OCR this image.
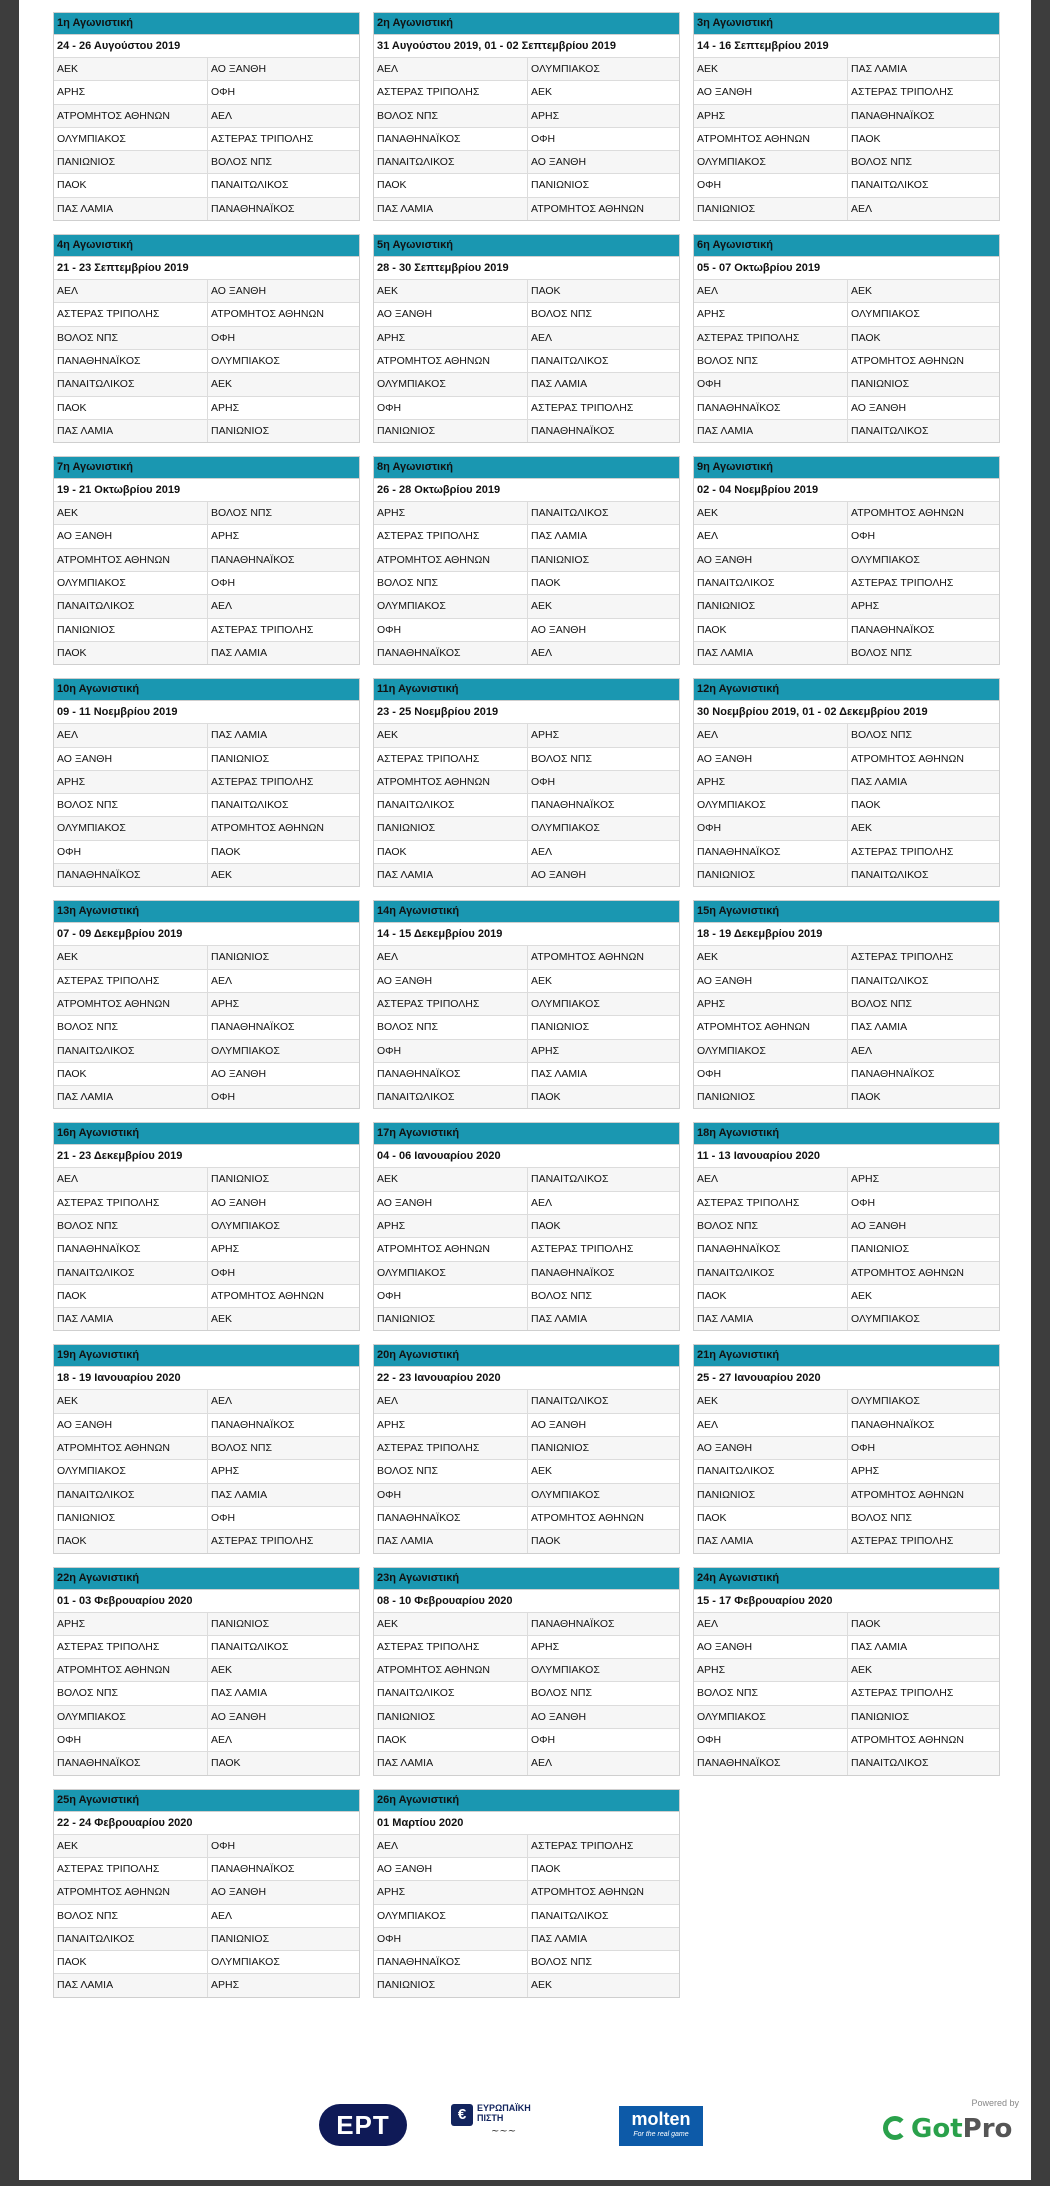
1η Αγωνιστική
24 - 26 Αυγούστου 2019
ΑΕΚ	ΑΟ ΞΑΝΘΗ
ΑΡΗΣ	ΟΦΗ
ΑΤΡΟΜΗΤΟΣ ΑΘΗΝΩΝ	ΑΕΛ
ΟΛΥΜΠΙΑΚΟΣ	ΑΣΤΕΡΑΣ ΤΡΙΠΟΛΗΣ
ΠΑΝΙΩΝΙΟΣ	ΒΟΛΟΣ ΝΠΣ
ΠΑΟΚ	ΠΑΝΑΙΤΩΛΙΚΟΣ
ΠΑΣ ΛΑΜΙΑ	ΠΑΝΑΘΗΝΑΪΚΟΣ
2η Αγωνιστική
31 Αυγούστου 2019, 01 - 02 Σεπτεμβρίου 2019
ΑΕΛ	ΟΛΥΜΠΙΑΚΟΣ
ΑΣΤΕΡΑΣ ΤΡΙΠΟΛΗΣ	ΑΕΚ
ΒΟΛΟΣ ΝΠΣ	ΑΡΗΣ
ΠΑΝΑΘΗΝΑΪΚΟΣ	ΟΦΗ
ΠΑΝΑΙΤΩΛΙΚΟΣ	ΑΟ ΞΑΝΘΗ
ΠΑΟΚ	ΠΑΝΙΩΝΙΟΣ
ΠΑΣ ΛΑΜΙΑ	ΑΤΡΟΜΗΤΟΣ ΑΘΗΝΩΝ
3η Αγωνιστική
14 - 16 Σεπτεμβρίου 2019
ΑΕΚ	ΠΑΣ ΛΑΜΙΑ
ΑΟ ΞΑΝΘΗ	ΑΣΤΕΡΑΣ ΤΡΙΠΟΛΗΣ
ΑΡΗΣ	ΠΑΝΑΘΗΝΑΪΚΟΣ
ΑΤΡΟΜΗΤΟΣ ΑΘΗΝΩΝ	ΠΑΟΚ
ΟΛΥΜΠΙΑΚΟΣ	ΒΟΛΟΣ ΝΠΣ
ΟΦΗ	ΠΑΝΑΙΤΩΛΙΚΟΣ
ΠΑΝΙΩΝΙΟΣ	ΑΕΛ
4η Αγωνιστική
21 - 23 Σεπτεμβρίου 2019
ΑΕΛ	ΑΟ ΞΑΝΘΗ
ΑΣΤΕΡΑΣ ΤΡΙΠΟΛΗΣ	ΑΤΡΟΜΗΤΟΣ ΑΘΗΝΩΝ
ΒΟΛΟΣ ΝΠΣ	ΟΦΗ
ΠΑΝΑΘΗΝΑΪΚΟΣ	ΟΛΥΜΠΙΑΚΟΣ
ΠΑΝΑΙΤΩΛΙΚΟΣ	ΑΕΚ
ΠΑΟΚ	ΑΡΗΣ
ΠΑΣ ΛΑΜΙΑ	ΠΑΝΙΩΝΙΟΣ
5η Αγωνιστική
28 - 30 Σεπτεμβρίου 2019
ΑΕΚ	ΠΑΟΚ
ΑΟ ΞΑΝΘΗ	ΒΟΛΟΣ ΝΠΣ
ΑΡΗΣ	ΑΕΛ
ΑΤΡΟΜΗΤΟΣ ΑΘΗΝΩΝ	ΠΑΝΑΙΤΩΛΙΚΟΣ
ΟΛΥΜΠΙΑΚΟΣ	ΠΑΣ ΛΑΜΙΑ
ΟΦΗ	ΑΣΤΕΡΑΣ ΤΡΙΠΟΛΗΣ
ΠΑΝΙΩΝΙΟΣ	ΠΑΝΑΘΗΝΑΪΚΟΣ
6η Αγωνιστική
05 - 07 Οκτωβρίου 2019
ΑΕΛ	ΑΕΚ
ΑΡΗΣ	ΟΛΥΜΠΙΑΚΟΣ
ΑΣΤΕΡΑΣ ΤΡΙΠΟΛΗΣ	ΠΑΟΚ
ΒΟΛΟΣ ΝΠΣ	ΑΤΡΟΜΗΤΟΣ ΑΘΗΝΩΝ
ΟΦΗ	ΠΑΝΙΩΝΙΟΣ
ΠΑΝΑΘΗΝΑΪΚΟΣ	ΑΟ ΞΑΝΘΗ
ΠΑΣ ΛΑΜΙΑ	ΠΑΝΑΙΤΩΛΙΚΟΣ
7η Αγωνιστική
19 - 21 Οκτωβρίου 2019
ΑΕΚ	ΒΟΛΟΣ ΝΠΣ
ΑΟ ΞΑΝΘΗ	ΑΡΗΣ
ΑΤΡΟΜΗΤΟΣ ΑΘΗΝΩΝ	ΠΑΝΑΘΗΝΑΪΚΟΣ
ΟΛΥΜΠΙΑΚΟΣ	ΟΦΗ
ΠΑΝΑΙΤΩΛΙΚΟΣ	ΑΕΛ
ΠΑΝΙΩΝΙΟΣ	ΑΣΤΕΡΑΣ ΤΡΙΠΟΛΗΣ
ΠΑΟΚ	ΠΑΣ ΛΑΜΙΑ
8η Αγωνιστική
26 - 28 Οκτωβρίου 2019
ΑΡΗΣ	ΠΑΝΑΙΤΩΛΙΚΟΣ
ΑΣΤΕΡΑΣ ΤΡΙΠΟΛΗΣ	ΠΑΣ ΛΑΜΙΑ
ΑΤΡΟΜΗΤΟΣ ΑΘΗΝΩΝ	ΠΑΝΙΩΝΙΟΣ
ΒΟΛΟΣ ΝΠΣ	ΠΑΟΚ
ΟΛΥΜΠΙΑΚΟΣ	ΑΕΚ
ΟΦΗ	ΑΟ ΞΑΝΘΗ
ΠΑΝΑΘΗΝΑΪΚΟΣ	ΑΕΛ
9η Αγωνιστική
02 - 04 Νοεμβρίου 2019
ΑΕΚ	ΑΤΡΟΜΗΤΟΣ ΑΘΗΝΩΝ
ΑΕΛ	ΟΦΗ
ΑΟ ΞΑΝΘΗ	ΟΛΥΜΠΙΑΚΟΣ
ΠΑΝΑΙΤΩΛΙΚΟΣ	ΑΣΤΕΡΑΣ ΤΡΙΠΟΛΗΣ
ΠΑΝΙΩΝΙΟΣ	ΑΡΗΣ
ΠΑΟΚ	ΠΑΝΑΘΗΝΑΪΚΟΣ
ΠΑΣ ΛΑΜΙΑ	ΒΟΛΟΣ ΝΠΣ
10η Αγωνιστική
09 - 11 Νοεμβρίου 2019
ΑΕΛ	ΠΑΣ ΛΑΜΙΑ
ΑΟ ΞΑΝΘΗ	ΠΑΝΙΩΝΙΟΣ
ΑΡΗΣ	ΑΣΤΕΡΑΣ ΤΡΙΠΟΛΗΣ
ΒΟΛΟΣ ΝΠΣ	ΠΑΝΑΙΤΩΛΙΚΟΣ
ΟΛΥΜΠΙΑΚΟΣ	ΑΤΡΟΜΗΤΟΣ ΑΘΗΝΩΝ
ΟΦΗ	ΠΑΟΚ
ΠΑΝΑΘΗΝΑΪΚΟΣ	ΑΕΚ
11η Αγωνιστική
23 - 25 Νοεμβρίου 2019
ΑΕΚ	ΑΡΗΣ
ΑΣΤΕΡΑΣ ΤΡΙΠΟΛΗΣ	ΒΟΛΟΣ ΝΠΣ
ΑΤΡΟΜΗΤΟΣ ΑΘΗΝΩΝ	ΟΦΗ
ΠΑΝΑΙΤΩΛΙΚΟΣ	ΠΑΝΑΘΗΝΑΪΚΟΣ
ΠΑΝΙΩΝΙΟΣ	ΟΛΥΜΠΙΑΚΟΣ
ΠΑΟΚ	ΑΕΛ
ΠΑΣ ΛΑΜΙΑ	ΑΟ ΞΑΝΘΗ
12η Αγωνιστική
30 Νοεμβρίου 2019, 01 - 02 Δεκεμβρίου 2019
ΑΕΛ	ΒΟΛΟΣ ΝΠΣ
ΑΟ ΞΑΝΘΗ	ΑΤΡΟΜΗΤΟΣ ΑΘΗΝΩΝ
ΑΡΗΣ	ΠΑΣ ΛΑΜΙΑ
ΟΛΥΜΠΙΑΚΟΣ	ΠΑΟΚ
ΟΦΗ	ΑΕΚ
ΠΑΝΑΘΗΝΑΪΚΟΣ	ΑΣΤΕΡΑΣ ΤΡΙΠΟΛΗΣ
ΠΑΝΙΩΝΙΟΣ	ΠΑΝΑΙΤΩΛΙΚΟΣ
13η Αγωνιστική
07 - 09 Δεκεμβρίου 2019
ΑΕΚ	ΠΑΝΙΩΝΙΟΣ
ΑΣΤΕΡΑΣ ΤΡΙΠΟΛΗΣ	ΑΕΛ
ΑΤΡΟΜΗΤΟΣ ΑΘΗΝΩΝ	ΑΡΗΣ
ΒΟΛΟΣ ΝΠΣ	ΠΑΝΑΘΗΝΑΪΚΟΣ
ΠΑΝΑΙΤΩΛΙΚΟΣ	ΟΛΥΜΠΙΑΚΟΣ
ΠΑΟΚ	ΑΟ ΞΑΝΘΗ
ΠΑΣ ΛΑΜΙΑ	ΟΦΗ
14η Αγωνιστική
14 - 15 Δεκεμβρίου 2019
ΑΕΛ	ΑΤΡΟΜΗΤΟΣ ΑΘΗΝΩΝ
ΑΟ ΞΑΝΘΗ	ΑΕΚ
ΑΣΤΕΡΑΣ ΤΡΙΠΟΛΗΣ	ΟΛΥΜΠΙΑΚΟΣ
ΒΟΛΟΣ ΝΠΣ	ΠΑΝΙΩΝΙΟΣ
ΟΦΗ	ΑΡΗΣ
ΠΑΝΑΘΗΝΑΪΚΟΣ	ΠΑΣ ΛΑΜΙΑ
ΠΑΝΑΙΤΩΛΙΚΟΣ	ΠΑΟΚ
15η Αγωνιστική
18 - 19 Δεκεμβρίου 2019
ΑΕΚ	ΑΣΤΕΡΑΣ ΤΡΙΠΟΛΗΣ
ΑΟ ΞΑΝΘΗ	ΠΑΝΑΙΤΩΛΙΚΟΣ
ΑΡΗΣ	ΒΟΛΟΣ ΝΠΣ
ΑΤΡΟΜΗΤΟΣ ΑΘΗΝΩΝ	ΠΑΣ ΛΑΜΙΑ
ΟΛΥΜΠΙΑΚΟΣ	ΑΕΛ
ΟΦΗ	ΠΑΝΑΘΗΝΑΪΚΟΣ
ΠΑΝΙΩΝΙΟΣ	ΠΑΟΚ
16η Αγωνιστική
21 - 23 Δεκεμβρίου 2019
ΑΕΛ	ΠΑΝΙΩΝΙΟΣ
ΑΣΤΕΡΑΣ ΤΡΙΠΟΛΗΣ	ΑΟ ΞΑΝΘΗ
ΒΟΛΟΣ ΝΠΣ	ΟΛΥΜΠΙΑΚΟΣ
ΠΑΝΑΘΗΝΑΪΚΟΣ	ΑΡΗΣ
ΠΑΝΑΙΤΩΛΙΚΟΣ	ΟΦΗ
ΠΑΟΚ	ΑΤΡΟΜΗΤΟΣ ΑΘΗΝΩΝ
ΠΑΣ ΛΑΜΙΑ	ΑΕΚ
17η Αγωνιστική
04 - 06 Ιανουαρίου 2020
ΑΕΚ	ΠΑΝΑΙΤΩΛΙΚΟΣ
ΑΟ ΞΑΝΘΗ	ΑΕΛ
ΑΡΗΣ	ΠΑΟΚ
ΑΤΡΟΜΗΤΟΣ ΑΘΗΝΩΝ	ΑΣΤΕΡΑΣ ΤΡΙΠΟΛΗΣ
ΟΛΥΜΠΙΑΚΟΣ	ΠΑΝΑΘΗΝΑΪΚΟΣ
ΟΦΗ	ΒΟΛΟΣ ΝΠΣ
ΠΑΝΙΩΝΙΟΣ	ΠΑΣ ΛΑΜΙΑ
18η Αγωνιστική
11 - 13 Ιανουαρίου 2020
ΑΕΛ	ΑΡΗΣ
ΑΣΤΕΡΑΣ ΤΡΙΠΟΛΗΣ	ΟΦΗ
ΒΟΛΟΣ ΝΠΣ	ΑΟ ΞΑΝΘΗ
ΠΑΝΑΘΗΝΑΪΚΟΣ	ΠΑΝΙΩΝΙΟΣ
ΠΑΝΑΙΤΩΛΙΚΟΣ	ΑΤΡΟΜΗΤΟΣ ΑΘΗΝΩΝ
ΠΑΟΚ	ΑΕΚ
ΠΑΣ ΛΑΜΙΑ	ΟΛΥΜΠΙΑΚΟΣ
19η Αγωνιστική
18 - 19 Ιανουαρίου 2020
ΑΕΚ	ΑΕΛ
ΑΟ ΞΑΝΘΗ	ΠΑΝΑΘΗΝΑΪΚΟΣ
ΑΤΡΟΜΗΤΟΣ ΑΘΗΝΩΝ	ΒΟΛΟΣ ΝΠΣ
ΟΛΥΜΠΙΑΚΟΣ	ΑΡΗΣ
ΠΑΝΑΙΤΩΛΙΚΟΣ	ΠΑΣ ΛΑΜΙΑ
ΠΑΝΙΩΝΙΟΣ	ΟΦΗ
ΠΑΟΚ	ΑΣΤΕΡΑΣ ΤΡΙΠΟΛΗΣ
20η Αγωνιστική
22 - 23 Ιανουαρίου 2020
ΑΕΛ	ΠΑΝΑΙΤΩΛΙΚΟΣ
ΑΡΗΣ	ΑΟ ΞΑΝΘΗ
ΑΣΤΕΡΑΣ ΤΡΙΠΟΛΗΣ	ΠΑΝΙΩΝΙΟΣ
ΒΟΛΟΣ ΝΠΣ	ΑΕΚ
ΟΦΗ	ΟΛΥΜΠΙΑΚΟΣ
ΠΑΝΑΘΗΝΑΪΚΟΣ	ΑΤΡΟΜΗΤΟΣ ΑΘΗΝΩΝ
ΠΑΣ ΛΑΜΙΑ	ΠΑΟΚ
21η Αγωνιστική
25 - 27 Ιανουαρίου 2020
ΑΕΚ	ΟΛΥΜΠΙΑΚΟΣ
ΑΕΛ	ΠΑΝΑΘΗΝΑΪΚΟΣ
ΑΟ ΞΑΝΘΗ	ΟΦΗ
ΠΑΝΑΙΤΩΛΙΚΟΣ	ΑΡΗΣ
ΠΑΝΙΩΝΙΟΣ	ΑΤΡΟΜΗΤΟΣ ΑΘΗΝΩΝ
ΠΑΟΚ	ΒΟΛΟΣ ΝΠΣ
ΠΑΣ ΛΑΜΙΑ	ΑΣΤΕΡΑΣ ΤΡΙΠΟΛΗΣ
22η Αγωνιστική
01 - 03 Φεβρουαρίου 2020
ΑΡΗΣ	ΠΑΝΙΩΝΙΟΣ
ΑΣΤΕΡΑΣ ΤΡΙΠΟΛΗΣ	ΠΑΝΑΙΤΩΛΙΚΟΣ
ΑΤΡΟΜΗΤΟΣ ΑΘΗΝΩΝ	ΑΕΚ
ΒΟΛΟΣ ΝΠΣ	ΠΑΣ ΛΑΜΙΑ
ΟΛΥΜΠΙΑΚΟΣ	ΑΟ ΞΑΝΘΗ
ΟΦΗ	ΑΕΛ
ΠΑΝΑΘΗΝΑΪΚΟΣ	ΠΑΟΚ
23η Αγωνιστική
08 - 10 Φεβρουαρίου 2020
ΑΕΚ	ΠΑΝΑΘΗΝΑΪΚΟΣ
ΑΣΤΕΡΑΣ ΤΡΙΠΟΛΗΣ	ΑΡΗΣ
ΑΤΡΟΜΗΤΟΣ ΑΘΗΝΩΝ	ΟΛΥΜΠΙΑΚΟΣ
ΠΑΝΑΙΤΩΛΙΚΟΣ	ΒΟΛΟΣ ΝΠΣ
ΠΑΝΙΩΝΙΟΣ	ΑΟ ΞΑΝΘΗ
ΠΑΟΚ	ΟΦΗ
ΠΑΣ ΛΑΜΙΑ	ΑΕΛ
24η Αγωνιστική
15 - 17 Φεβρουαρίου 2020
ΑΕΛ	ΠΑΟΚ
ΑΟ ΞΑΝΘΗ	ΠΑΣ ΛΑΜΙΑ
ΑΡΗΣ	ΑΕΚ
ΒΟΛΟΣ ΝΠΣ	ΑΣΤΕΡΑΣ ΤΡΙΠΟΛΗΣ
ΟΛΥΜΠΙΑΚΟΣ	ΠΑΝΙΩΝΙΟΣ
ΟΦΗ	ΑΤΡΟΜΗΤΟΣ ΑΘΗΝΩΝ
ΠΑΝΑΘΗΝΑΪΚΟΣ	ΠΑΝΑΙΤΩΛΙΚΟΣ
25η Αγωνιστική
22 - 24 Φεβρουαρίου 2020
ΑΕΚ	ΟΦΗ
ΑΣΤΕΡΑΣ ΤΡΙΠΟΛΗΣ	ΠΑΝΑΘΗΝΑΪΚΟΣ
ΑΤΡΟΜΗΤΟΣ ΑΘΗΝΩΝ	ΑΟ ΞΑΝΘΗ
ΒΟΛΟΣ ΝΠΣ	ΑΕΛ
ΠΑΝΑΙΤΩΛΙΚΟΣ	ΠΑΝΙΩΝΙΟΣ
ΠΑΟΚ	ΟΛΥΜΠΙΑΚΟΣ
ΠΑΣ ΛΑΜΙΑ	ΑΡΗΣ
26η Αγωνιστική
01 Μαρτίου 2020
ΑΕΛ	ΑΣΤΕΡΑΣ ΤΡΙΠΟΛΗΣ
ΑΟ ΞΑΝΘΗ	ΠΑΟΚ
ΑΡΗΣ	ΑΤΡΟΜΗΤΟΣ ΑΘΗΝΩΝ
ΟΛΥΜΠΙΑΚΟΣ	ΠΑΝΑΙΤΩΛΙΚΟΣ
ΟΦΗ	ΠΑΣ ΛΑΜΙΑ
ΠΑΝΑΘΗΝΑΪΚΟΣ	ΒΟΛΟΣ ΝΠΣ
ΠΑΝΙΩΝΙΟΣ	ΑΕΚ
ΕΡΤ	€	ΕΥΡΩΠΑΪΚΗ ΠΙΣΤΗ
~~~
molten
For the real game
Powered by
GotPro
